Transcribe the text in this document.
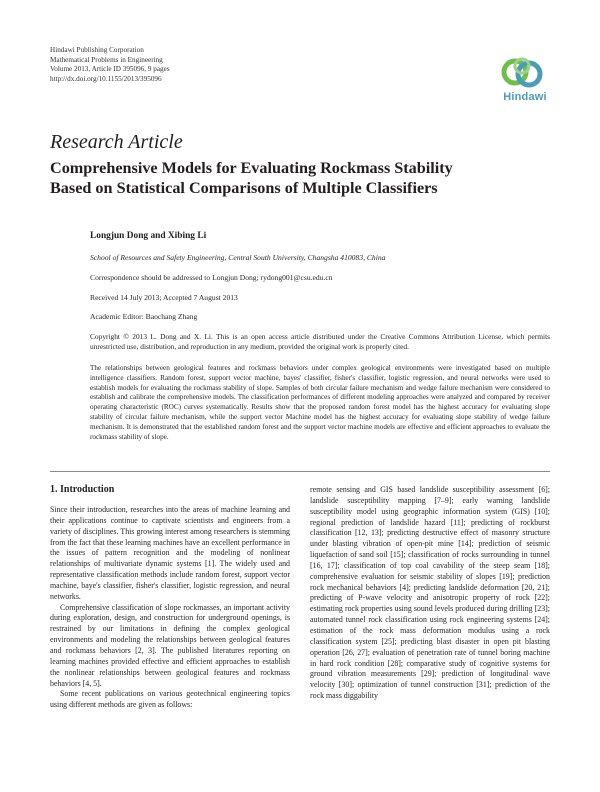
Hindawi Publishing Corporation
Mathematical Problems in Engineering
Volume 2013, Article ID 395096, 9 pages
http://dx.doi.org/10.1155/2013/395096
Hindawi
Research Article
Comprehensive Models for Evaluating Rockmass Stability
Based on Statistical Comparisons of Multiple Classifiers
Longjun Dong and Xibing Li
School of Resources and Safety Engineering, Central South University, Changsha 410083, China
Correspondence should be addressed to Longjun Dong; rydong001@csu.edu.cn
Received 14 July 2013; Accepted 7 August 2013
Academic Editor: Baochang Zhang
Copyright © 2013 L. Dong and X. Li. This is an open access article distributed under the Creative Commons Attribution License, which permits unrestricted use, distribution, and reproduction in any medium, provided the original work is properly cited.
The relationships between geological features and rockmass behaviors under complex geological environments were investigated based on multiple intelligence classifiers. Random forest, support vector machine, bayes' classifier, fisher's classifier, logistic regression, and neural networks were used to establish models for evaluating the rockmass stability of slope. Samples of both circular failure mechanism and wedge failure mechanism were considered to establish and calibrate the comprehensive models. The classification performances of different modeling approaches were analyzed and compared by receiver operating characteristic (ROC) curves systematically. Results show that the proposed random forest model has the highest accuracy for evaluating slope stability of circular failure mechanism, while the support vector Machine model has the highest accuracy for evaluating slope stability of wedge failure mechanism. It is demonstrated that the established random forest and the support vector machine models are effective and efficient approaches to evaluate the rockmass stability of slope.
1. Introduction

Since their introduction, researches into the areas of machine learning and their applications continue to captivate scientists and engineers from a variety of disciplines. This growing interest among researchers is stemming from the fact that these learning machines have an excellent performance in the issues of pattern recognition and the modeling of nonlinear relationships of multivariate dynamic systems [1]. The widely used and representative classification methods include random forest, support vector machine, baye's classifier, fisher's classifier, logistic regression, and neural networks.

Comprehensive classification of slope rockmasses, an important activity during exploration, design, and construction for underground openings, is restrained by our limitations in defining the complex geological environments and modeling the relationships between geological features and rockmass behaviors [2, 3]. The published literatures reporting on learning machines provided effective and efficient approaches to establish the nonlinear relationships between geological features and rockmass behaviors [4, 5].

Some recent publications on various geotechnical engineering topics using different methods are given as follows:

remote sensing and GIS based landslide susceptibility assessment [6]; landslide susceptibility mapping [7–9]; early warning landslide susceptibility model using geographic information system (GIS) [10]; regional prediction of landslide hazard [11]; predicting of rockburst classification [12, 13]; predicting destructive effect of masonry structure under blasting vibration of open-pit mine [14]; prediction of seismic liquefaction of sand soil [15]; classification of rocks surrounding in tunnel [16, 17]; classification of top coal cavability of the steep seam [18]; comprehensive evaluation for seismic stability of slopes [19]; prediction rock mechanical behaviors [4]; predicting landslide deformation [20, 21]; predicting of P-wave velocity and anisotropic property of rock [22]; estimating rock properties using sound levels produced during drilling [23]; automated tunnel rock classification using rock engineering systems [24]; estimation of the rock mass deformation modulus using a rock classification system [25]; predicting blast disaster in open pit blasting operation [26, 27]; evaluation of penetration rate of tunnel boring machine in hard rock condition [28]; comparative study of cognitive systems for ground vibration measurements [29]; prediction of longitudinal wave velocity [30]; optimization of tunnel construction [31]; prediction of the rock mass diggability
